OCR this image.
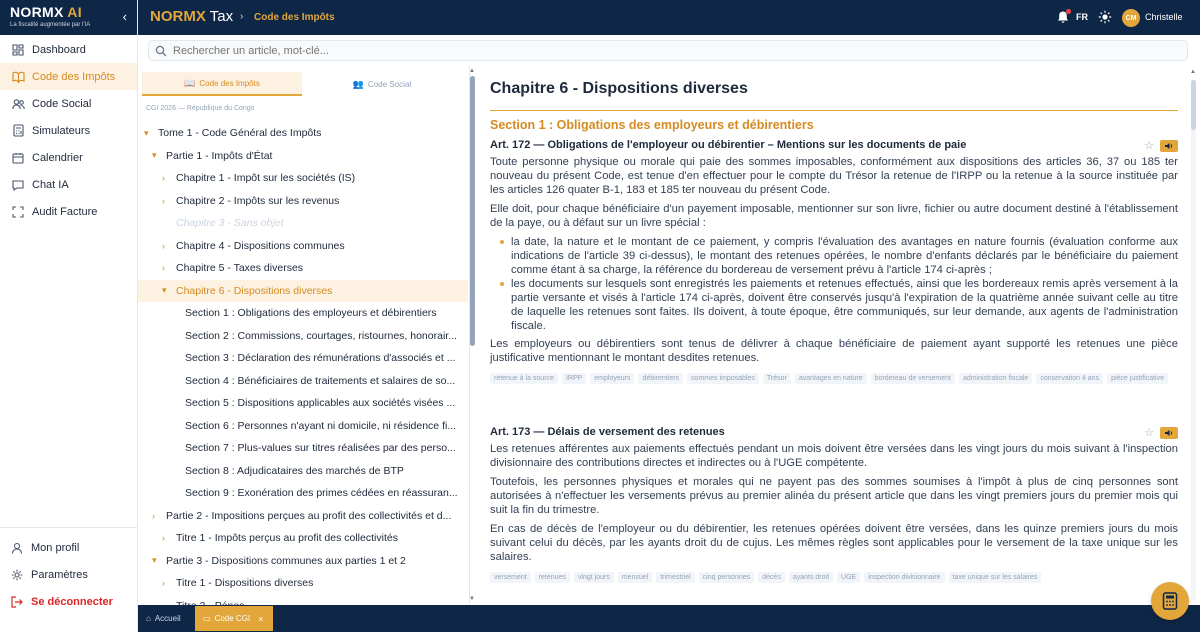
NORMX AI
La fiscalité augmentée par l'IA
‹
Dashboard
Code des Impôts
Code Social
Simulateurs
Calendrier
Chat IA
Audit Facture
Mon profil
Paramètres
Se déconnecter
NORMX Tax › Code des Impôts	FR	CM Christelle
Rechercher un article, mot-clé...
📖 Code des Impôts	👥 Code Social
CGI 2026 — République du Congo
▾ Tome 1 - Code Général des Impôts
▾ Partie 1 - Impôts d'État
›	Chapitre 1 - Impôt sur les sociétés (IS)
›	Chapitre 2 - Impôts sur les revenus
Chapitre 3 - Sans objet
›	Chapitre 4 - Dispositions communes
›	Chapitre 5 - Taxes diverses
▾ Chapitre 6 - Dispositions diverses
Section 1 : Obligations des employeurs et débirentiers
Section 2 : Commissions, courtages, ristournes, honorair...
Section 3 : Déclaration des rémunérations d'associés et ...
Section 4 : Bénéficiaires de traitements et salaires de so...
Section 5 : Dispositions applicables aux sociétés visées ...
Section 6 : Personnes n'ayant ni domicile, ni résidence fi...
Section 7 : Plus-values sur titres réalisées par des perso...
Section 8 : Adjudicataires des marchés de BTP
Section 9 : Exonération des primes cédées en réassuran...
›	Partie 2 - Impositions perçues au profit des collectivités et d...
›	Titre 1 - Impôts perçus au profit des collectivités
▾ Partie 3 - Dispositions communes aux parties 1 et 2
›	Titre 1 - Dispositions diverses
▲
▼
Chapitre 6 - Dispositions diverses
Section 1 : Obligations des employeurs et débirentiers
Art. 172 — Obligations de l'employeur ou débirentier – Mentions sur les documents de paie	☆

Toute personne physique ou morale qui paie des sommes imposables, conformément aux dispositions des articles 36, 37 ou 185 ter nouveau du présent Code, est tenue d'en effectuer pour le compte du Trésor la retenue de l'IRPP ou la retenue à la source instituée par les articles 126 quater B-1, 183 et 185 ter nouveau du présent Code.

Elle doit, pour chaque bénéficiaire d'un payement imposable, mentionner sur son livre, fichier ou autre document destiné à l'établissement de la paye, ou à défaut sur un livre spécial :

la date, la nature et le montant de ce paiement, y compris l'évaluation des avantages en nature fournis (évaluation conforme aux indications de l'article 39 ci-dessus), le montant des retenues opérées, le nombre d'enfants déclarés par le bénéficiaire du paiement comme étant à sa charge, la référence du bordereau de versement prévu à l'article 174 ci-après ;
les documents sur lesquels sont enregistrés les paiements et retenues effectués, ainsi que les bordereaux remis après versement à la partie versante et visés à l'article 174 ci-après, doivent être conservés jusqu'à l'expiration de la quatrième année suivant celle au titre de laquelle les retenues sont faites. Ils doivent, à toute époque, être communiqués, sur leur demande, aux agents de l'administration fiscale.

Les employeurs ou débirentiers sont tenus de délivrer à chaque bénéficiaire de paiement ayant supporté les retenues une pièce justificative mentionnant le montant desdites retenues.

retenue à la source	IRPP	employeurs	débirentiers	sommes imposables	Trésor	avantages en nature	bordereau de versement	administration fiscale	conservation 4 ans	pièce justificative
Art. 173 — Délais de versement des retenues	☆

Les retenues afférentes aux paiements effectués pendant un mois doivent être versées dans les vingt jours du mois suivant à l'inspection divisionnaire des contributions directes et indirectes ou à l'UGE compétente.

Toutefois, les personnes physiques et morales qui ne payent pas des sommes soumises à l'impôt à plus de cinq personnes sont autorisées à n'effectuer les versements prévus au premier alinéa du présent article que dans les vingt premiers jours du premier mois qui suit la fin du trimestre.

En cas de décès de l'employeur ou du débirentier, les retenues opérées doivent être versées, dans les quinze premiers jours du mois suivant celui du décès, par les ayants droit du de cujus. Les mêmes règles sont applicables pour le versement de la taxe unique sur les salaires.

versement	retenues	vingt jours	mensuel	trimestriel	cinq personnes	décès	ayants droit	UGE	inspection divisionnaire	taxe unique sur les salaires
▲
⌂ Accueil	▭ Code CGI ×
